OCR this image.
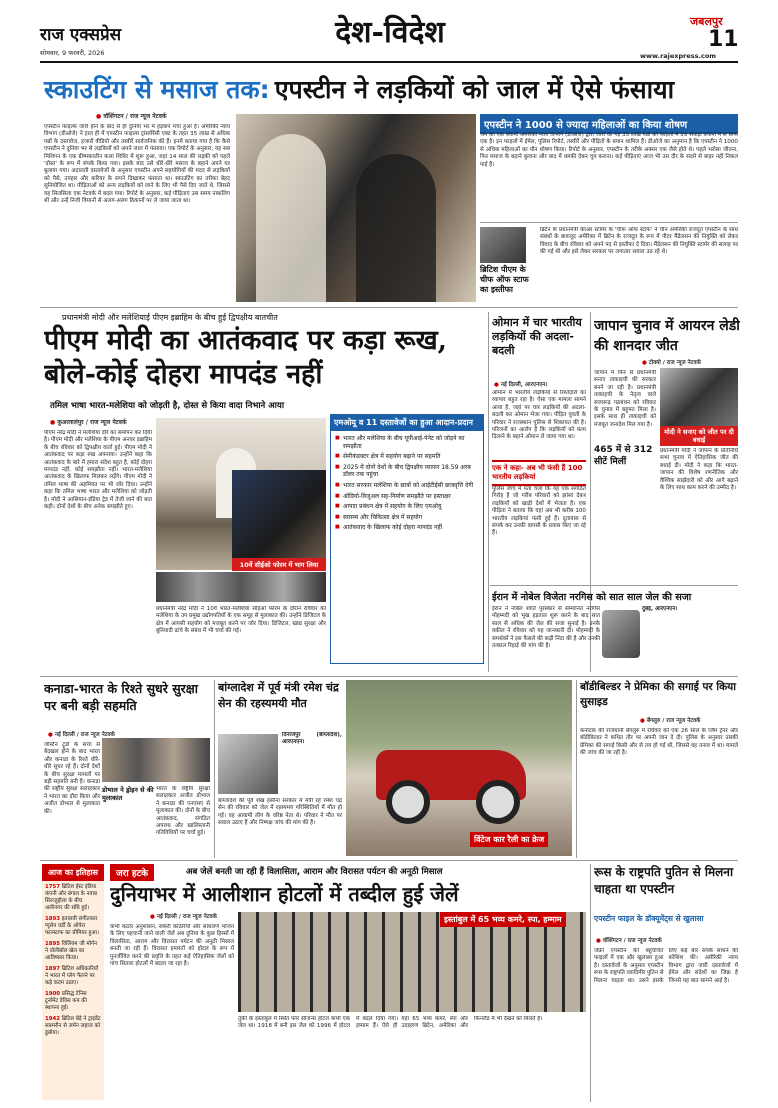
राज एक्सप्रेस
सोमवार, 9 फरवरी, 2026
देश-विदेश	जबलपुर
11
www.rajexpress.com
स्काउटिंग से मसाज तक: एपस्टीन ने लड़कियों को जाल में ऐसे फंसाया
● वॉशिंगटन / राज न्यूज नेटवर्क
एपस्टीन फाइल्स जारी होने के बाद से ही दुनिया भर में हड़कंप मचा हुआ है। अमेरिकी न्याय विभाग (डीओजे) ने हाल ही में एपस्टीन फाइल्स ट्रांसपेरेंसी एक्ट के तहत 35 लाख से अधिक पन्नों के दस्तावेज, हजारों वीडियो और तस्वीरें सार्वजनिक की हैं। इनमें बताया गया है कि कैसे एपस्टीन ने दुनिया भर से लड़कियों को अपने जाल में फंसाया। एक रिपोर्ट के अनुसार, यह सब मिशिगन के एक ग्रीष्मकालीन कला शिविर में शुरू हुआ, जहां 14 साल की लड़की को पहले 'दोस्त' के रूप में संपर्क किया गया। इसके बाद उसे धीरे-धीरे मसाज के बहाने अपने घर बुलाया गया। अदालती दस्तावेजों के अनुसार एपस्टीन अपने सहयोगियों की मदद से लड़कियों को पैसे, उपहार और करियर के सपने दिखाकर फंसाता था। स्काउटिंग का तरीका बेहद सुनियोजित था। पीड़िताओं को अन्य लड़कियों को लाने के लिए भी पैसे दिए जाते थे, जिससे यह सिलसिला एक नेटवर्क में बदल गया। रिपोर्ट के अनुसार, कई पीड़िताएं उस समय नाबालिग थीं और उन्हें निजी विमानों से अलग-अलग ठिकानों पर ले जाया जाता था।
एपस्टीन ने 1000 से ज्यादा महिलाओं का किया शोषण
जेन की एक बयानी अमेरिकी न्याय विभाग (डीओजे) द्वारा जारी की गई 35 लाख पन्नों की फाइलों में दर्ज सैकड़ों बयानों में से सिर्फ एक है। इन फाइलों में ईमेल, पुलिस रिपोर्ट, तस्वीरें और पीड़ितों के बयान शामिल हैं। डीओजे का अनुमान है कि एपस्टीन ने 1000 से अधिक महिलाओं का यौन शोषण किया। रिपोर्ट के अनुसार, एपस्टीन के तरीके अक्सर एक जैसे होते थे। पहले भरोसा जीतना, फिर मसाज के बहाने बुलाना और बाद में धमकी देकर चुप कराना। कई पीड़िताएं आज भी उस दौर के सदमे से बाहर नहीं निकल पाई हैं।
ब्रिटिश पीएम के चीफ ऑफ स्टाफ का इस्तीफा
ब्रिटेन के प्रधानमंत्री कीअर स्टार्मर के 'चीफ ऑफ स्टाफ' ने चीन अमेरिकी राजदूत एपस्टीन के साथ संबंधों के बावजूद अमेरिका में ब्रिटेन के राजदूत के रूप में पीटर मैंडेलसन की नियुक्ति को लेकर विवाद के बीच रविवार को अपने पद से इस्तीफा दे दिया। मैंडेलसन की नियुक्ति स्टार्मर की सलाह पर की गई थी और इसे लेकर सरकार पर लगातार सवाल उठ रहे थे।
प्रधानमंत्री मोदी और मलेशियाई पीएम इब्राहिम के बीच हुई द्विपक्षीय बातचीत
पीएम मोदी का आतंकवाद पर कड़ा रूख, बोले-कोई दोहरा मापदंड नहीं
तमिल भाषा भारत-मलेशिया को जोड़ती है, दोस्त से किया वादा निभाने आया
● कुआलालंपुर / राज न्यूज नेटवर्क
पीएम नरेंद्र मोदी ने मलेशिया दौरे का समापन कर दिया है। पीएम मोदी और मलेशिया के पीएम अनवर इब्राहिम के बीच रविवार को द्विपक्षीय वार्ता हुई। पीएम मोदी ने आतंकवाद पर कड़ा रुख अपनाया। उन्होंने कहा कि आतंकवाद के बारे में हमारा संदेश बहुत है, कोई दोहरा मापदंड नहीं, कोई समझौता नहीं। भारत-मलेशिया आतंकवाद के खिलाफ मिलकर लड़ेंगे। पीएम मोदी ने तमिल भाषा की अहमियत पर भी जोर दिया। उन्होंने कहा कि तमिल भाषा भारत और मलेशिया को जोड़ती है। मोदी ने आसियान-इंडिया ट्रेड में तेजी लाने की बात कही। दोनों देशों के बीच अनेक समझौते हुए।
10वें सीईओ फोरम में भाग लिया
प्रधानमंत्री नरेंद्र मोदी ने 10वें भारत-मलेशिया सीईओ फोरम के दौरान रविवार को मलेशिया के उप प्रमुख उद्योगपतियों के एक समूह से मुलाकात की। उन्होंने डिजिटल के क्षेत्र में आपसी सहयोग को मजबूत करने पर जोर दिया। डिजिटल, खाद्य सुरक्षा और बुनियादी ढांचे के संबंध में भी चर्चा की गई।
एमओयू व 11 दस्तावेजों का हुआ आदान-प्रदान
■ भारत और मलेशिया के बीच यूपीआई-पेनेट को जोड़ने का समझौता
■ सेमीकंडक्टर क्षेत्र में सहयोग बढ़ाने पर सहमति
■ 2025 में दोनों देशों के बीच द्विपक्षीय व्यापार 18.59 अरब डॉलर तक पहुंचा
■ भारत सरकार मलेशिया के छात्रों को आईटीईसी छात्रवृत्ति देगी
■ ऑडियो-विजुअल सह-निर्माण समझौते पर हस्ताक्षर
■ आपदा प्रबंधन क्षेत्र में सहयोग के लिए एमओयू
■ स्वास्थ्य और चिकित्सा क्षेत्र में सहयोग
■ आतंकवाद के खिलाफ कोई दोहरा मापदंड नहीं
ओमान में चार भारतीय लड़कियों की अदला-बदली
● नई दिल्ली, आरएनएन।
ओमान में भारतीय लड़कियों से रिश्तेदारों का व्यापार बहुत रहा है। ऐसा एक मामला सामने आया है, जहां पर चार लड़कियों की अदला-बदली कर ओमान भेजा गया। पीड़ित युवती के परिवार ने राजस्थान पुलिस से शिकायत की है। परिजनों का आरोप है कि लड़कियों को काम दिलाने के बहाने ओमान ले जाया गया था।
एक ने कहा- अब भी फंसी हैं 100 भारतीय लड़कियां
पुलिस जांच में पता चला कि यह एक संगठित गिरोह है जो गरीब परिवारों को झांसा देकर लड़कियों को खाड़ी देशों में भेजता है। एक पीड़िता ने बताया कि वहां अब भी करीब 100 भारतीय लड़कियां फंसी हुई हैं। दूतावास से संपर्क कर उनकी वापसी के प्रयास किए जा रहे हैं।
जापान चुनाव में आयरन लेडी की शानदार जीत
● टोक्यो / राज न्यूज नेटवर्क
जापान में फिर से प्रधानमंत्री सनाए ताकाइची की सरकार बनने जा रही है। प्रधानमंत्री ताकाइची के नेतृत्व वाले सत्तारूढ़ गठबंधन को रविवार के चुनाव में बहुमत मिला है। इसके साथ ही ताकाइची को मजबूत जनादेश मिल गया है।
मोदी ने सनाए को जीत पर दी बधाई
465 में से 312 सीटें मिलीं
प्रधानमंत्री मोदी ने जापान के प्रतिनिधि सभा चुनाव में ऐतिहासिक जीत की बधाई दी। मोदी ने कहा कि भारत-जापान की विशेष रणनीतिक और वैश्विक साझेदारी को और आगे बढ़ाने के लिए साथ काम करने की उम्मीद है।
ईरान में नोबेल विजेता नरगिस को सात साल जेल की सजा
ईरान ने नोबेल शांति पुरस्कार से सम्मानित नरगिस मोहम्मदी को भूख हड़ताल शुरू करने के बाद सात साल से अधिक की जेल की सजा सुनाई है। उनके वकील ने रविवार को यह जानकारी दी। मोहम्मदी के समर्थकों ने इस फैसले की कड़ी निंदा की है और उनकी तत्काल रिहाई की मांग की है।
दुबई, आरएनएन।
कनाडा-भारत के रिश्ते सुधरे सुरक्षा पर बनी बड़ी सहमति
● नई दिल्ली / राज न्यूज नेटवर्क
जस्टिन ट्रूडो के सत्ता से बेदखल होने के बाद भारत और कनाडा के रिश्ते धीरे-धीरे सुधर रहे हैं। दोनों देशों के बीच सुरक्षा मामलों पर बड़ी सहमति बनी है। कनाडा की राष्ट्रीय सुरक्षा सलाहकार ने भारत का दौरा किया और अजीत डोभाल से मुलाकात की।
डोभाल ने ड्रोइन से की मुलाकात
भारत के राष्ट्रीय सुरक्षा सलाहकार अजीत डोभाल ने कनाडा की एनएसए से मुलाकात की। दोनों के बीच आतंकवाद, संगठित अपराध और खालिस्तानी गतिविधियों पर चर्चा हुई।
बांग्लादेश में पूर्व मंत्री रमेश चंद्र सेन की रहस्यमयी मौत
दिनाजपुर (बांग्लादेश), आरएनएन।
बांग्लादेश की पूर्व शेख हसीना सरकार में मंत्री रहे रमेश चंद्र सेन की रविवार को जेल में रहस्यमय परिस्थितियों में मौत हो गई। वह आवामी लीग के वरिष्ठ नेता थे। परिवार ने मौत पर सवाल उठाए हैं और निष्पक्ष जांच की मांग की है।
विंटेज कार रैली का क्रेज
बॉडीबिल्डर ने प्रेमिका की सगाई पर किया सुसाइड
● बेंगलुरु / राज न्यूज नेटवर्क
कर्नाटक की राजधानी बेंगलुरु में रविवार को एक 26 साल के जिम ट्रेनर और बॉडीबिल्डर ने कथित तौर पर अपनी जान दे दी। पुलिस के अनुसार उसकी प्रेमिका की सगाई किसी और से तय हो गई थी, जिससे वह तनाव में था। मामले की जांच की जा रही है।
आज का इतिहास
1757 ब्रिटिश ईस्ट इंडिया कंपनी और बंगाल के नवाब सिराजुद्दौला के बीच अलीनगर की संधि हुई।
1893 इतालवी संगीतकार ग्यूसेप वर्डी के ओपेरा फाल्स्टाफ का प्रीमियर हुआ।
1895 विलियम जी मोर्गन ने वॉलीबॉल खेल का आविष्कार किया।
1897 ब्रिटिश अधिकारियों ने भारत में प्लेग फैलने पर कड़े कदम उठाए।
1900 प्रसिद्ध टेनिस टूर्नामेंट डेविस कप की स्थापना हुई।
1942 ब्रिटिश बेड़े ने ट्राइडेंट सबमरीन से जर्मन जहाज को डुबोया।
जरा हटके	अब जेलें बनती जा रही हैं विलासिता, आराम और विरासत पर्यटन की अनूठी मिसाल
दुनियाभर में आलीशान होटलों में तब्दील हुई जेलें
● नई दिल्ली / राज न्यूज नेटवर्क
कभी कठोर अनुशासन, संकरी कोठरियों और साधारण भोजन के लिए पहचानी जाने वाली जेलें अब दुनिया के कुछ हिस्सों में विलासिता, आराम और विरासत पर्यटन की अनूठी मिसाल बनती जा रही हैं। विरासत इमारतों को होटल के रूप में पुनर्जीवित करने की प्रवृत्ति के तहत कई ऐतिहासिक जेलों को पांच सितारा होटलों में बदला जा रहा है।
इस्तांबुल में 65 भव्य कमरे, स्पा, हम्माम
तुर्की के इस्तांबुल में स्थित फोर सीजन्स होटल कभी एक जेल था। 1918 में बनी इस जेल को 1996 में होटल में बदल दिया गया। यहां 65 भव्य कमरे, स्पा और हम्माम हैं। ऐसे ही उदाहरण ब्रिटेन, अमेरिका और फिनलैंड में भी देखने को मिलते हैं।
रूस के राष्ट्रपति पुतिन से मिलना चाहता था एपस्टीन
एपस्टीन फाइल के डॉक्यूमेंट्स से खुलासा
● वॉशिंगटन / राज न्यूज नेटवर्क
जेफ्री एपस्टीन की बहुचर्चित फाइलों में एक और खुलासा हुआ है। दस्तावेजों के अनुसार एपस्टीन रूस के राष्ट्रपति व्लादिमीर पुतिन से मिलना चाहता था। उसने इसके लिए कई बार संपर्क साधने की कोशिश की। अमेरिकी न्याय विभाग द्वारा जारी दस्तावेजों में ईमेल और संदेशों का जिक्र है जिनसे यह बात सामने आई है।
